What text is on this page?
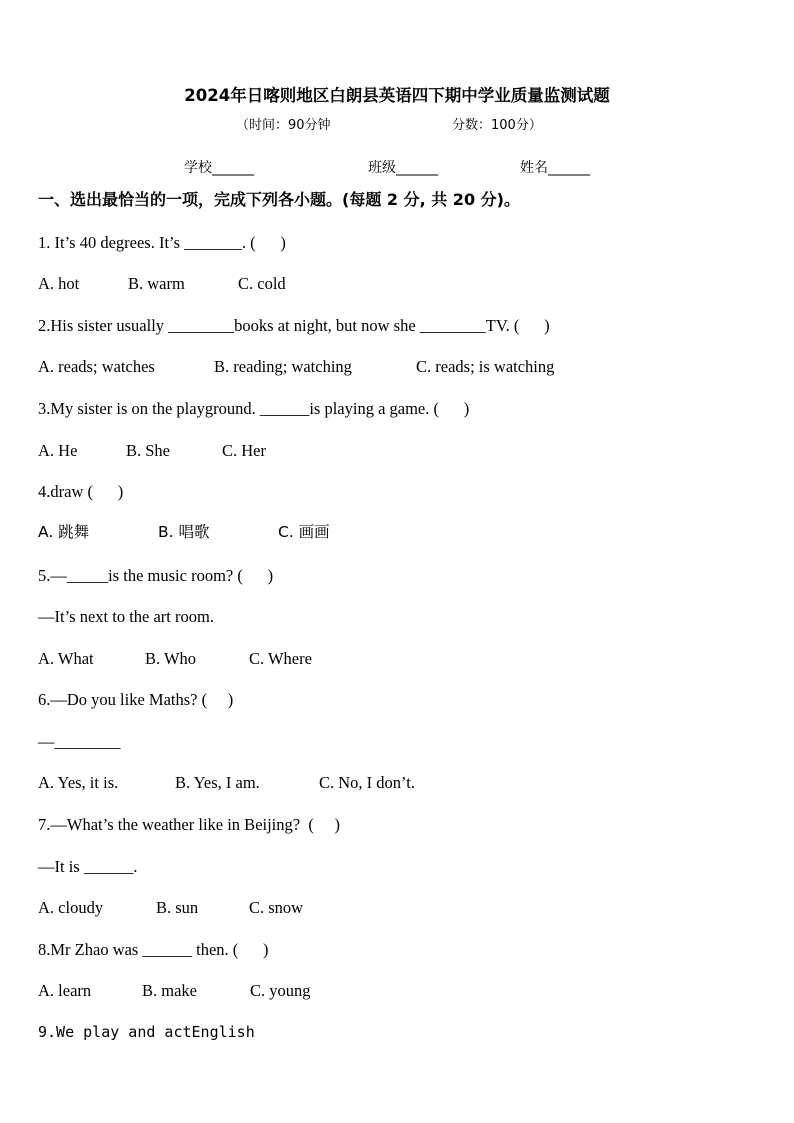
2024年日喀则地区白朗县英语四下期中学业质量监测试题
（时间：90分钟	分数：100分）
学校______	班级______	姓名______
一、选出最恰当的一项，完成下列各小题。(每题 2 分, 共 20 分)。
1. It’s 40 degrees. It’s _______. (      )
A. hot	B. warm	C. cold
2.His sister usually ________books at night, but now she ________TV. (      )
A. reads; watches	B. reading; watching	C. reads; is watching
3.My sister is on the playground. ______is playing a game. (      )
A. He	B. She	C. Her
4.draw (      )
A. 跳舞	B. 唱歌	C. 画画
5.—_____is the music room? (      )
—It’s next to the art room.
A. What	B. Who	C. Where
6.—Do you like Maths? (     )
—________
A. Yes, it is.	B. Yes, I am.	C. No, I don’t.
7.—What’s the weather like in Beijing?  (     )
—It is ______.
A. cloudy	B. sun	C. snow
8.Mr Zhao was ______ then. (      )
A. learn	B. make	C. young
9.We play and actEnglish
